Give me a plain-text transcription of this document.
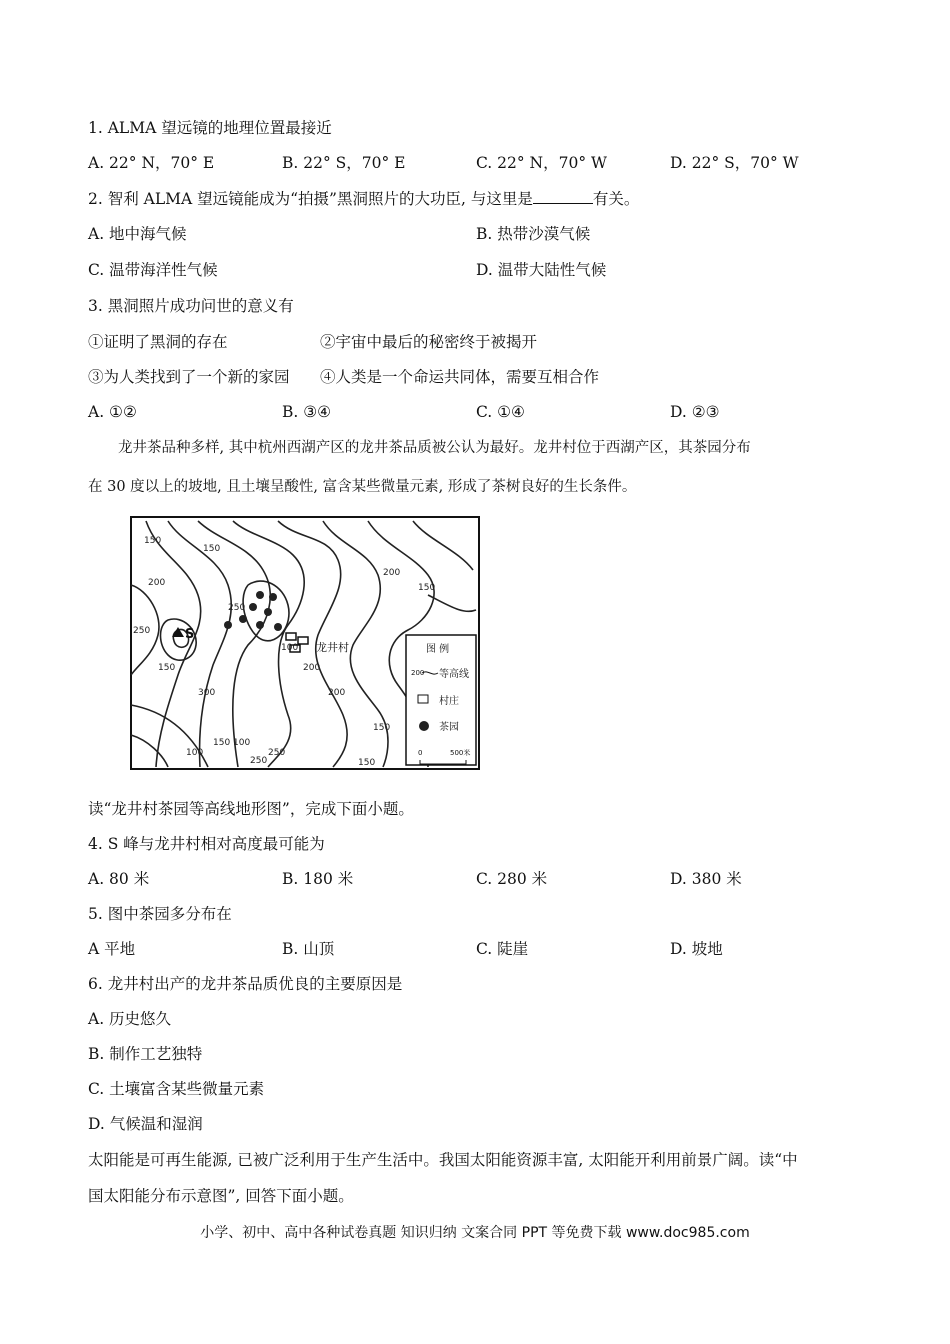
1. ALMA 望远镜的地理位置最接近
A. 22° N，70° E	B. 22° S，70° E	C. 22° N，70° W	D. 22° S，70° W
2. 智利 ALMA 望远镜能成为“拍摄”黑洞照片的大功臣, 与这里是	有关。
A. 地中海气候	B. 热带沙漠气候
C. 温带海洋性气候	D. 温带大陆性气候
3. 黑洞照片成功问世的意义有
①证明了黑洞的存在	②宇宙中最后的秘密终于被揭开
③为人类找到了一个新的家园 ④人类是一个命运共同体，需要互相合作
A. ①②	B. ③④	C. ①④	D. ②③
龙井茶品种多样, 其中杭州西湖产区的龙井茶品质被公认为最好。龙井村位于西湖产区，其茶园分布
在 30 度以上的坡地, 且土壤呈酸性, 富含某些微量元素, 形成了茶树良好的生长条件。
150
150
150
200
250
300
250
200
150
100
200
150
150
250
100
150
250
100
200
S
龙井村	图 例
200 等高线
村庄
茶园
0	500米
读“龙井村茶园等高线地形图”，完成下面小题。
4. S 峰与龙井村相对高度最可能为
A. 80 米	B. 180 米	C. 280 米	D. 380 米
5. 图中茶园多分布在
A 平地	B. 山顶	C. 陡崖	D. 坡地
6. 龙井村出产的龙井茶品质优良的主要原因是
A. 历史悠久
B. 制作工艺独特
C. 土壤富含某些微量元素
D. 气候温和湿润
太阳能是可再生能源, 已被广泛利用于生产生活中。我国太阳能资源丰富, 太阳能开利用前景广阔。读“中
国太阳能分布示意图”, 回答下面小题。
小学、初中、高中各种试卷真题 知识归纳 文案合同 PPT 等免费下载 www.doc985.com
